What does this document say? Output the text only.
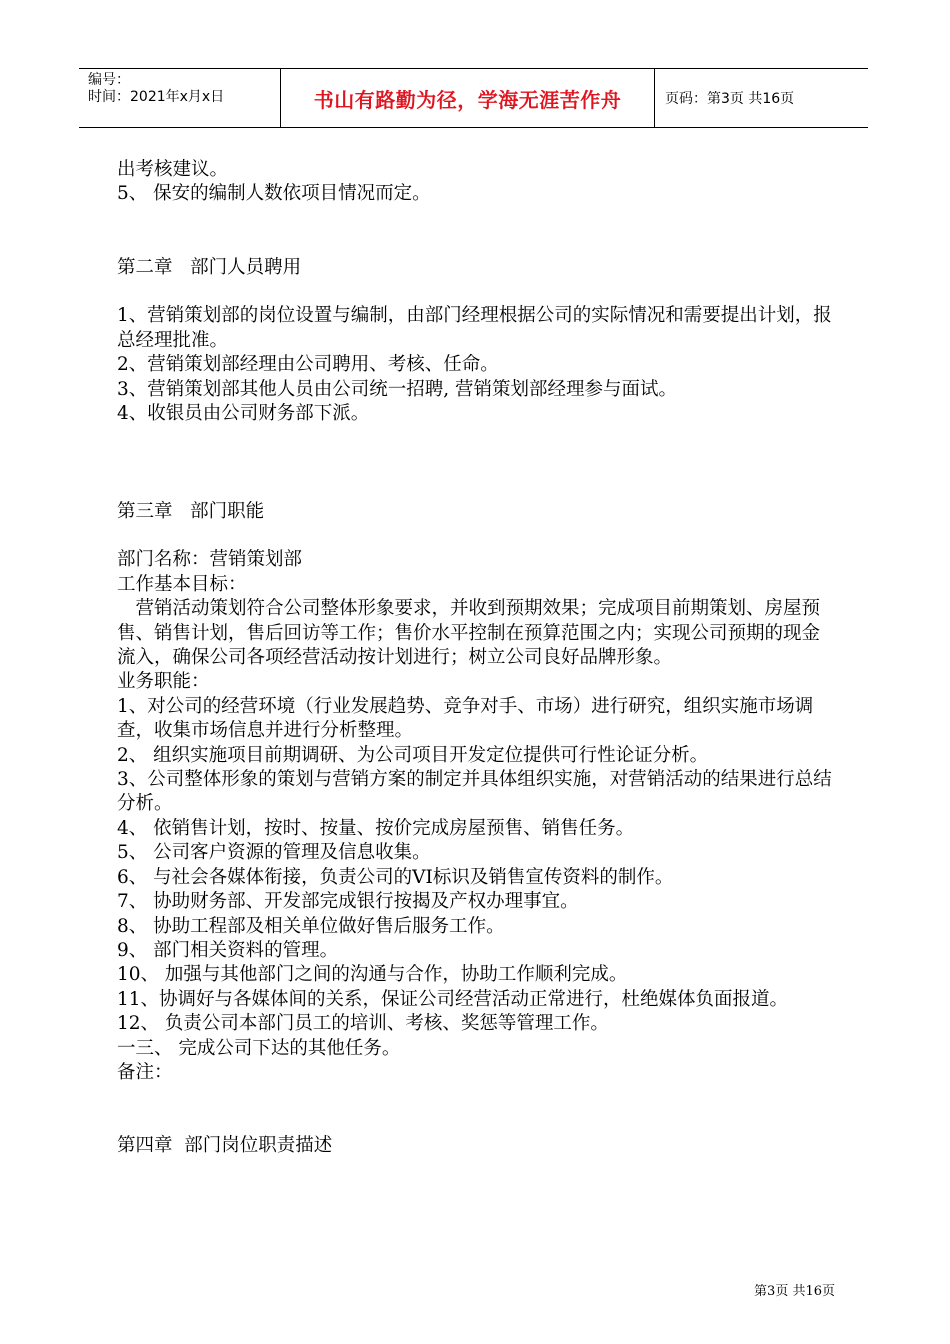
编号：
时间：2021年x月x日	书山有路勤为径，学海无涯苦作舟	页码：第3页 共16页

出考核建议。

5、 保安的编制人数依项目情况而定。

第二章   部门人员聘用

1、营销策划部的岗位设置与编制，由部门经理根据公司的实际情况和需要提出计划，报总经理批准。

2、营销策划部经理由公司聘用、考核、任命。

3、营销策划部其他人员由公司统一招聘, 营销策划部经理参与面试。

4、收银员由公司财务部下派。

第三章   部门职能

部门名称：营销策划部

工作基本目标：

营销活动策划符合公司整体形象要求，并收到预期效果；完成项目前期策划、房屋预售、销售计划，售后回访等工作；售价水平控制在预算范围之内；实现公司预期的现金流入，确保公司各项经营活动按计划进行；树立公司良好品牌形象。

业务职能：

1、对公司的经营环境（行业发展趋势、竞争对手、市场）进行研究，组织实施市场调查，收集市场信息并进行分析整理。

2、 组织实施项目前期调研、为公司项目开发定位提供可行性论证分析。

3、公司整体形象的策划与营销方案的制定并具体组织实施，对营销活动的结果进行总结分析。

4、 依销售计划，按时、按量、按价完成房屋预售、销售任务。

5、 公司客户资源的管理及信息收集。

6、 与社会各媒体衔接，负责公司的VI标识及销售宣传资料的制作。

7、 协助财务部、开发部完成银行按揭及产权办理事宜。

8、 协助工程部及相关单位做好售后服务工作。

9、 部门相关资料的管理。

10、 加强与其他部门之间的沟通与合作，协助工作顺利完成。

11、协调好与各媒体间的关系，保证公司经营活动正常进行，杜绝媒体负面报道。

12、 负责公司本部门员工的培训、考核、奖惩等管理工作。

一三、 完成公司下达的其他任务。

备注：

第四章  部门岗位职责描述

第3页 共16页
